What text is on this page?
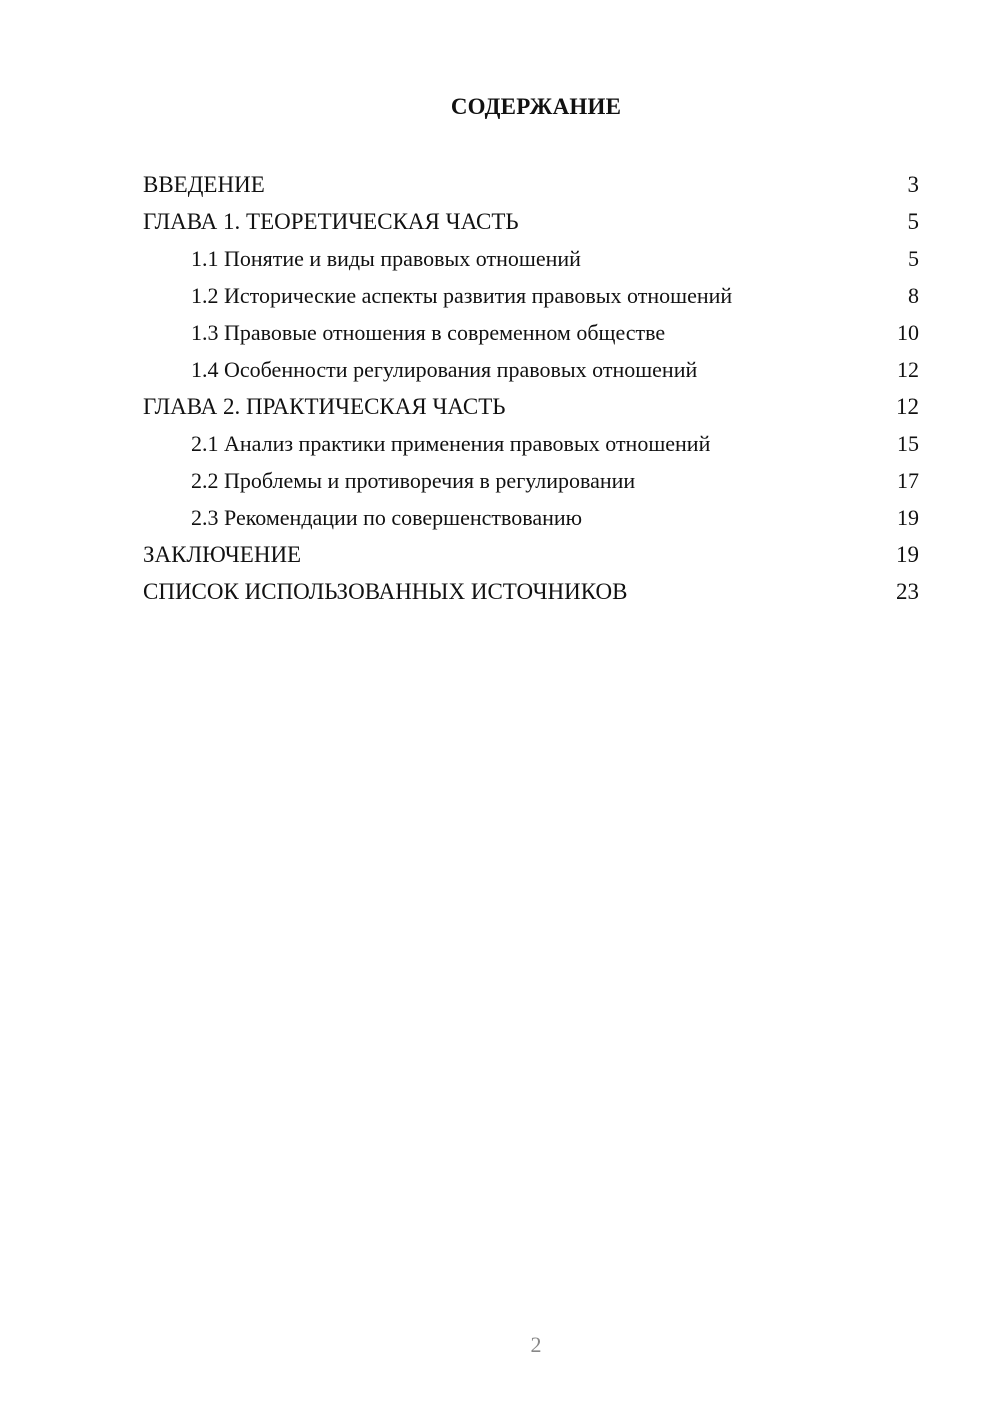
СОДЕРЖАНИЕ
ВВЕДЕНИЕ	3
ГЛАВА 1. ТЕОРЕТИЧЕСКАЯ ЧАСТЬ	5
1.1 Понятие и виды правовых отношений	5
1.2 Исторические аспекты развития правовых отношений	8
1.3 Правовые отношения в современном обществе	10
1.4 Особенности регулирования правовых отношений	12
ГЛАВА 2. ПРАКТИЧЕСКАЯ ЧАСТЬ	12
2.1 Анализ практики применения правовых отношений	15
2.2 Проблемы и противоречия в регулировании	17
2.3 Рекомендации по совершенствованию	19
ЗАКЛЮЧЕНИЕ	19
СПИСОК ИСПОЛЬЗОВАННЫХ ИСТОЧНИКОВ	23
2
